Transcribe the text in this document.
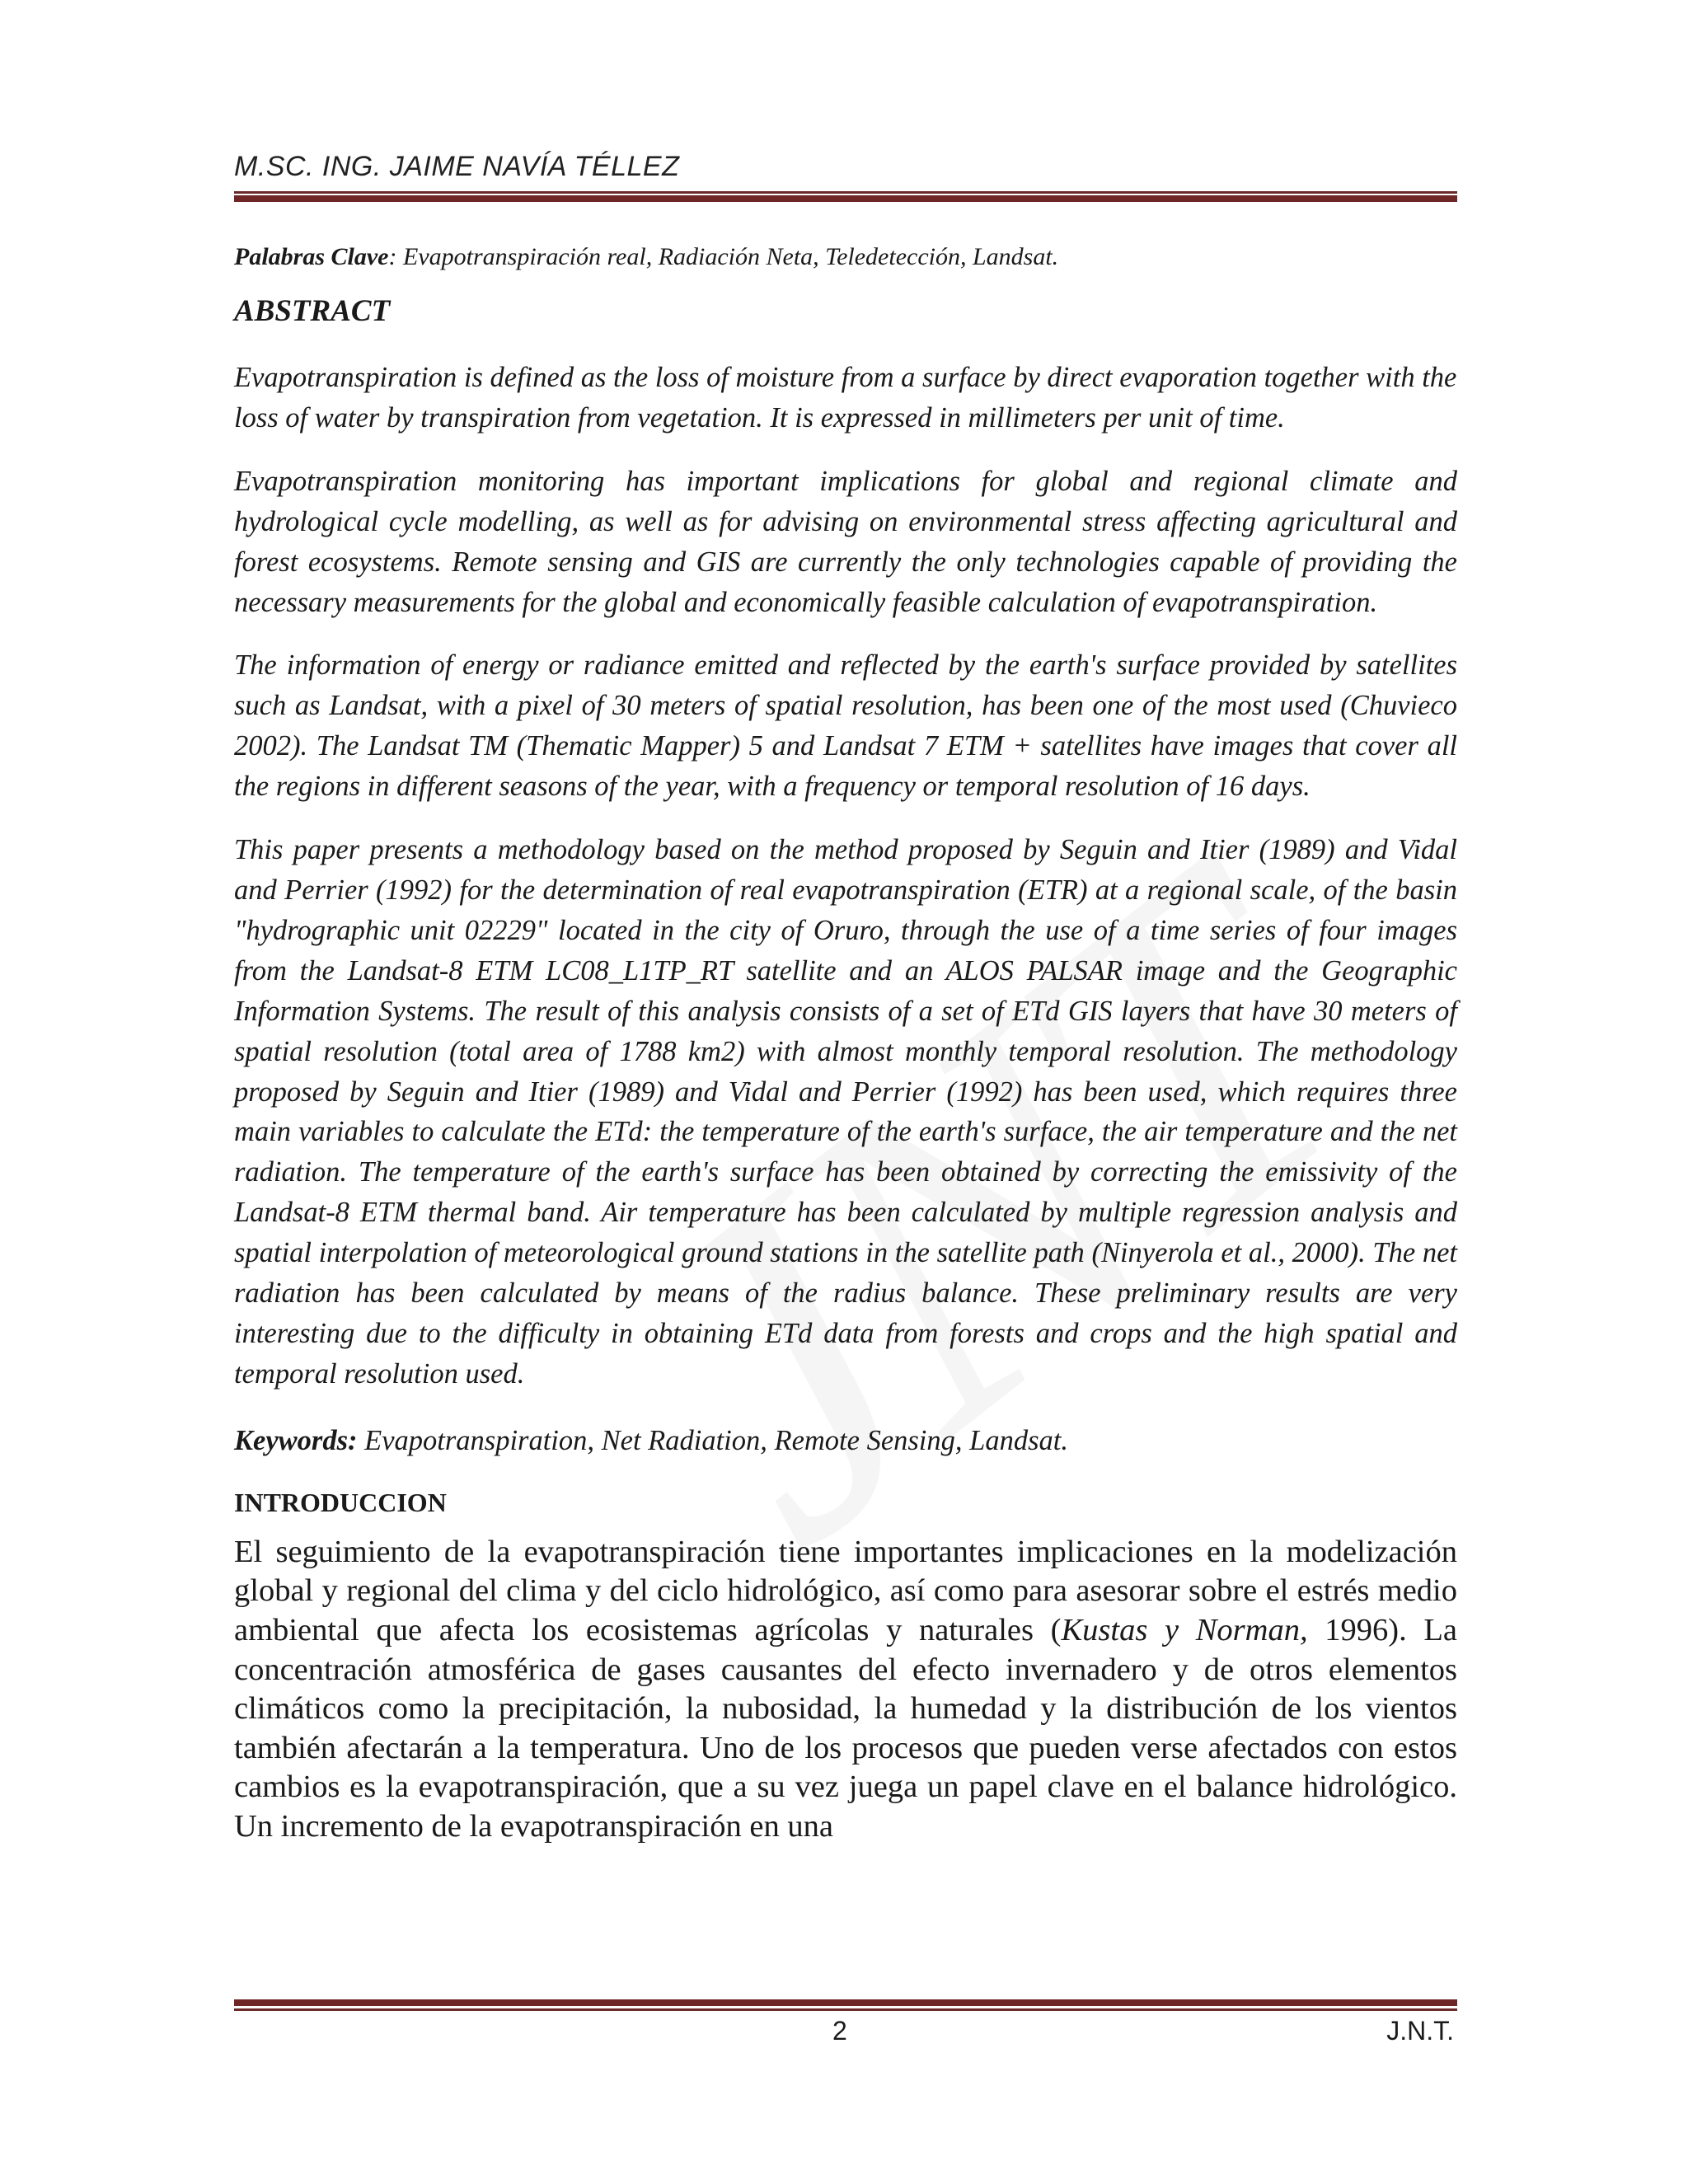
M.SC. ING. JAIME NAVÍA TÉLLEZ

Palabras Clave: Evapotranspiración real, Radiación Neta, Teledetección, Landsat.

ABSTRACT

Evapotranspiration is defined as the loss of moisture from a surface by direct evaporation together with the loss of water by transpiration from vegetation. It is expressed in millimeters per unit of time.

Evapotranspiration monitoring has important implications for global and regional climate and hydrological cycle modelling, as well as for advising on environmental stress affecting agricultural and forest ecosystems. Remote sensing and GIS are currently the only technologies capable of providing the necessary measurements for the global and economically feasible calculation of evapotranspiration.

The information of energy or radiance emitted and reflected by the earth's surface provided by satellites such as Landsat, with a pixel of 30 meters of spatial resolution, has been one of the most used (Chuvieco 2002). The Landsat TM (Thematic Mapper) 5 and Landsat 7 ETM + satellites have images that cover all the regions in different seasons of the year, with a frequency or temporal resolution of 16 days.

This paper presents a methodology based on the method proposed by Seguin and Itier (1989) and Vidal and Perrier (1992) for the determination of real evapotranspiration (ETR) at a regional scale, of the basin "hydrographic unit 02229" located in the city of Oruro, through the use of a time series of four images from the Landsat-8 ETM LC08_L1TP_RT satellite and an ALOS PALSAR image and the Geographic Information Systems. The result of this analysis consists of a set of ETd GIS layers that have 30 meters of spatial resolution (total area of 1788 km2) with almost monthly temporal resolution. The methodology proposed by Seguin and Itier (1989) and Vidal and Perrier (1992) has been used, which requires three main variables to calculate the ETd: the temperature of the earth's surface, the air temperature and the net radiation. The temperature of the earth's surface has been obtained by correcting the emissivity of the Landsat-8 ETM thermal band. Air temperature has been calculated by multiple regression analysis and spatial interpolation of meteorological ground stations in the satellite path (Ninyerola et al., 2000). The net radiation has been calculated by means of the radius balance. These preliminary results are very interesting due to the difficulty in obtaining ETd data from forests and crops and the high spatial and temporal resolution used.

Keywords: Evapotranspiration, Net Radiation, Remote Sensing, Landsat.

INTRODUCCION

El seguimiento de la evapotranspiración tiene importantes implicaciones en la modelización global y regional del clima y del ciclo hidrológico, así como para asesorar sobre el estrés medio ambiental que afecta los ecosistemas agrícolas y naturales (Kustas y Norman, 1996). La concentración atmosférica de gases causantes del efecto invernadero y de otros elementos climáticos como la precipitación, la nubosidad, la humedad y la distribución de los vientos también afectarán a la temperatura. Uno de los procesos que pueden verse afectados con estos cambios es la evapotranspiración, que a su vez juega un papel clave en el balance hidrológico. Un incremento de la evapotranspiración en una

2	J.N.T.
